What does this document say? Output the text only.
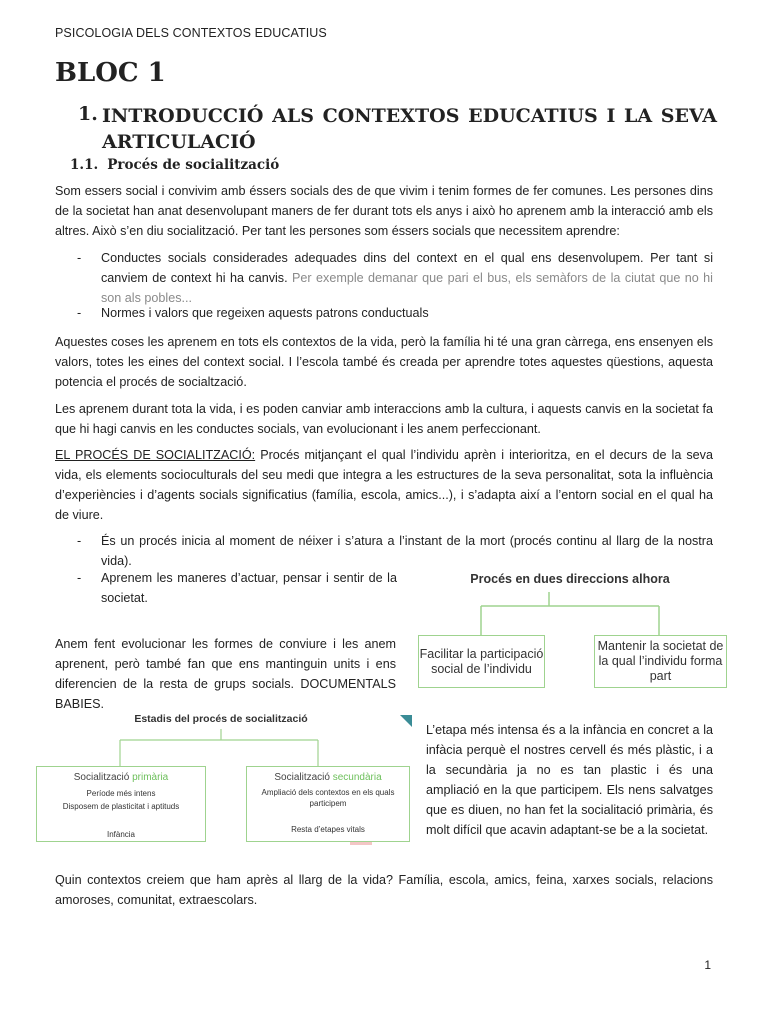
PSICOLOGIA DELS CONTEXTOS EDUCATIUS
BLOC 1
1. INTRODUCCIÓ ALS CONTEXTOS EDUCATIUS I LA SEVA ARTICULACIÓ
1.1. Procés de socialització
Som essers social i convivim amb éssers socials des de que vivim i tenim formes de fer comunes. Les persones dins de la societat han anat desenvolupant maners de fer durant tots els anys i això ho aprenem amb la interacció amb els altres. Això s’en diu socialització. Per tant les persones som éssers socials que necessitem aprendre:
- Conductes socials considerades adequades dins del context en el qual ens desenvolupem. Per tant si canviem de context hi ha canvis. Per exemple demanar que pari el bus, els semàfors de la ciutat que no hi son als pobles...
- Normes i valors que regeixen aquests patrons conductuals
Aquestes coses les aprenem en tots els contextos de la vida, però la família hi té una gran càrrega, ens ensenyen els valors, totes les eines del context social. I l’escola també és creada per aprendre totes aquestes qüestions, aquesta potencia el procés de socialtzació.
Les aprenem durant tota la vida, i es poden canviar amb interaccions amb la cultura, i aquests canvis en la societat fa que hi hagi canvis en les conductes socials, van evolucionant i les anem perfeccionant.
EL PROCÉS DE SOCIALITZACIÓ: Procés mitjançant el qual l’individu aprèn i interioritza, en el decurs de la seva vida, els elements socioculturals del seu medi que integra a les estructures de la seva personalitat, sota la influència d’experiències i d’agents socials significatius (família, escola, amics...), i s’adapta així a l’entorn social en el qual ha de viure.
- És un procés inicia al moment de néixer i s’atura a l’instant de la mort (procés continu al llarg de la nostra vida).
- Aprenem les maneres d’actuar, pensar i sentir de la societat.
Procés en dues direccions alhora
Facilitar la participació social de l’individu
Mantenir la societat de la qual l’individu forma part
Anem fent evolucionar les formes de conviure i les anem aprenent, però també fan que ens mantinguin units i ens diferencien de la resta de grups socials. DOCUMENTALS BABIES.
Estadis del procés de socialització
Socialització primària
Període més intens
Disposem de plasticitat i aptituds
Infància
Socialització secundària
Ampliació dels contextos en els quals participem
Resta d’etapes vitals
L’etapa més intensa és a la infància en concret a la infàcia perquè el nostres cervell és més plàstic, i a la secundària ja no es tan plastic i és una ampliació en la que participem. Els nens salvatges que es diuen, no han fet la socialitació primària, és molt difícil que acavin adaptant-se be a la societat.
Quin contextos creiem que ham après al llarg de la vida? Família, escola, amics, feina, xarxes socials, relacions amoroses, comunitat, extraescolars.
1
